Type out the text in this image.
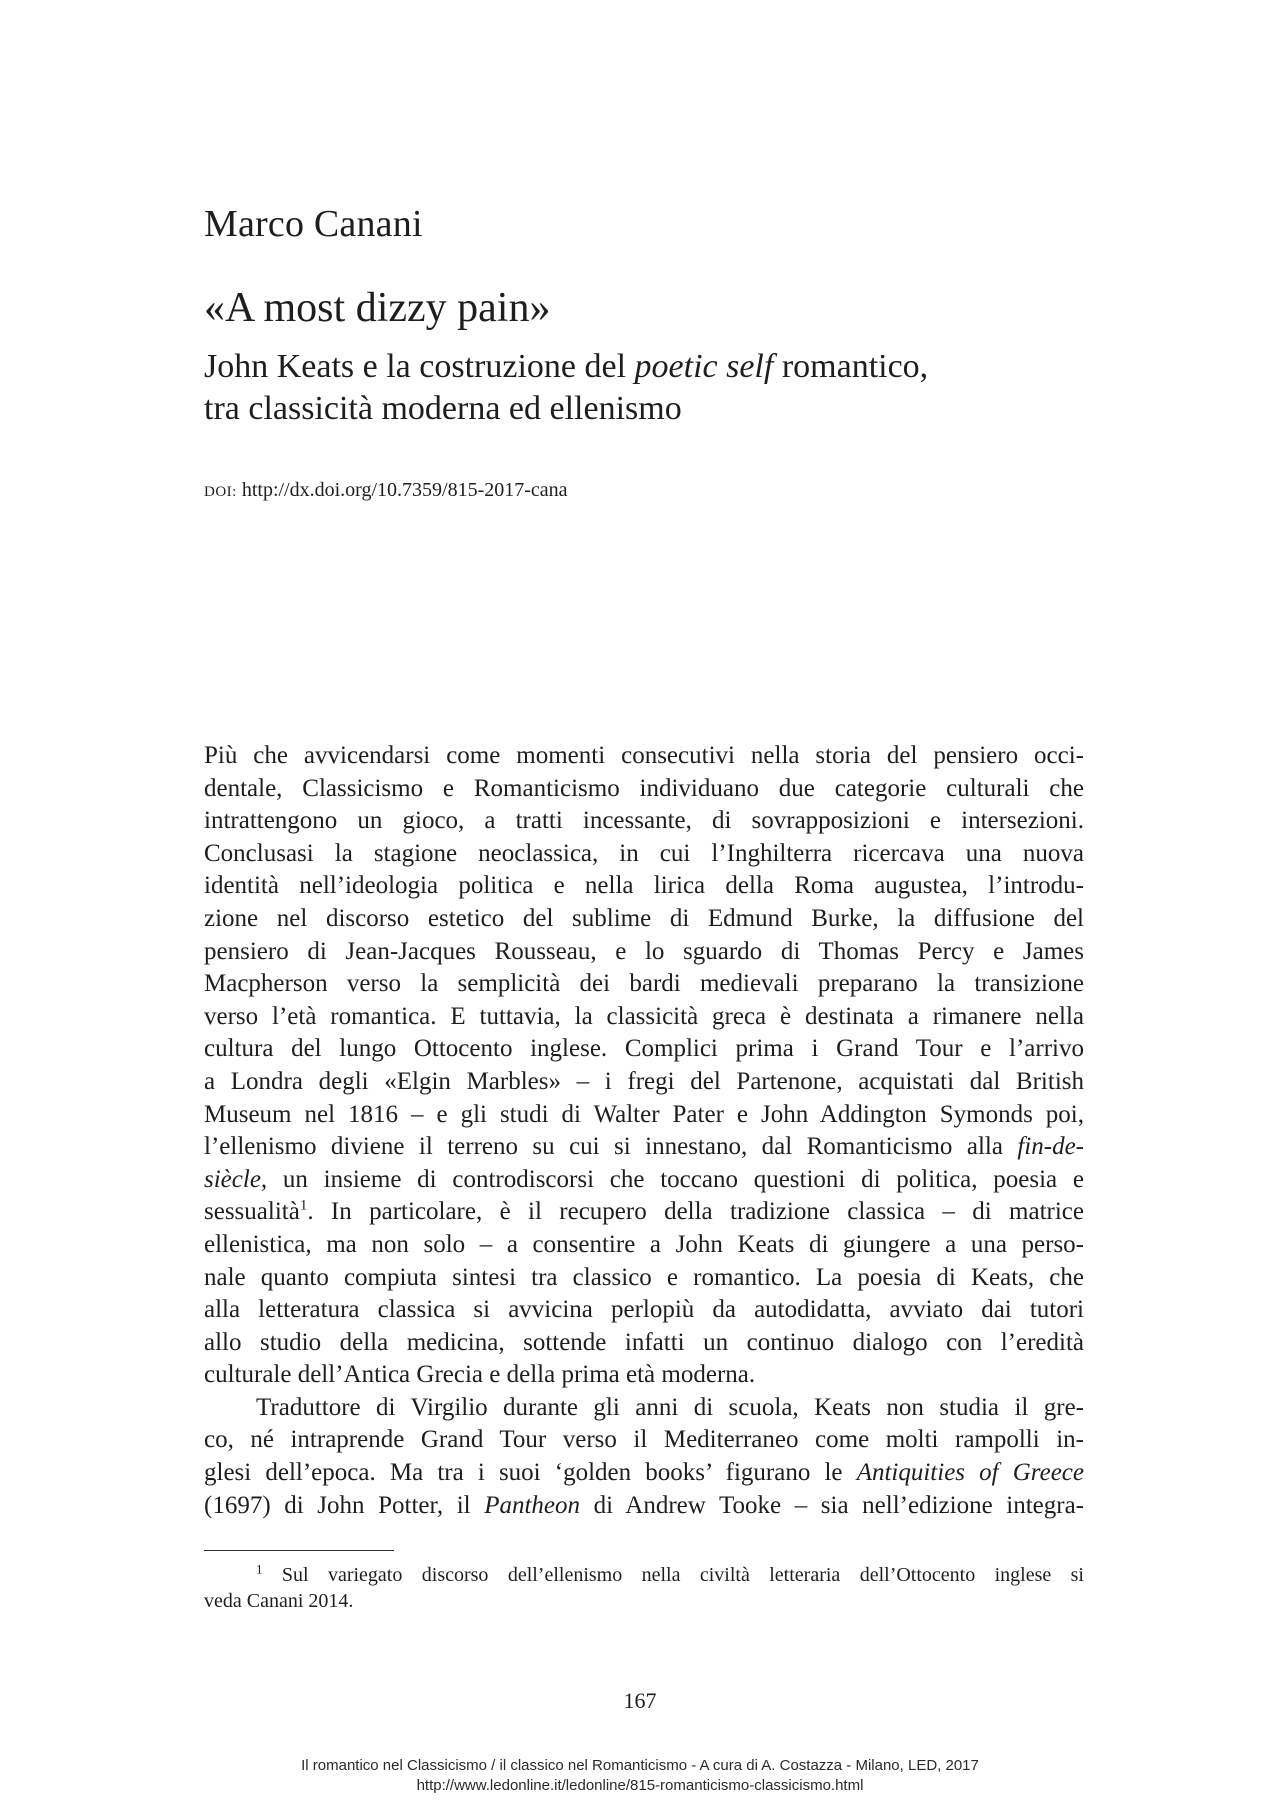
Marco Canani
«A most dizzy pain»
John Keats e la costruzione del poetic self romantico,
tra classicità moderna ed ellenismo
DOI: http://dx.doi.org/10.7359/815-2017-cana
Più che avvicendarsi come momenti consecutivi nella storia del pensiero occi-
dentale, Classicismo e Romanticismo individuano due categorie culturali che
intrattengono un gioco, a tratti incessante, di sovrapposizioni e intersezioni.
Conclusasi la stagione neoclassica, in cui l’Inghilterra ricercava una nuova
identità nell’ideologia politica e nella lirica della Roma augustea, l’introdu-
zione nel discorso estetico del sublime di Edmund Burke, la diffusione del
pensiero di Jean-Jacques Rousseau, e lo sguardo di Thomas Percy e James
Macpherson verso la semplicità dei bardi medievali preparano la transizione
verso l’età romantica. E tuttavia, la classicità greca è destinata a rimanere nella
cultura del lungo Ottocento inglese. Complici prima i Grand Tour e l’arrivo
a Londra degli «Elgin Marbles» – i fregi del Partenone, acquistati dal British
Museum nel 1816 – e gli studi di Walter Pater e John Addington Symonds poi,
l’ellenismo diviene il terreno su cui si innestano, dal Romanticismo alla fin-de-
siècle, un insieme di controdiscorsi che toccano questioni di politica, poesia e
sessualità$^1$. In particolare, è il recupero della tradizione classica – di matrice
ellenistica, ma non solo – a consentire a John Keats di giungere a una perso-
nale quanto compiuta sintesi tra classico e romantico. La poesia di Keats, che
alla letteratura classica si avvicina perlopiù da autodidatta, avviato dai tutori
allo studio della medicina, sottende infatti un continuo dialogo con l’eredità
culturale dell’Antica Grecia e della prima età moderna.
Traduttore di Virgilio durante gli anni di scuola, Keats non studia il gre-
co, né intraprende Grand Tour verso il Mediterraneo come molti rampolli in-
glesi dell’epoca. Ma tra i suoi ‘golden books’ figurano le Antiquities of Greece
(1697) di John Potter, il Pantheon di Andrew Tooke – sia nell’edizione integra-
$^1$ Sul variegato discorso dell’ellenismo nella civiltà letteraria dell’Ottocento inglese si
veda Canani 2014.
167
Il romantico nel Classicismo / il classico nel Romanticismo - A cura di A. Costazza - Milano, LED, 2017
http://www.ledonline.it/ledonline/815-romanticismo-classicismo.html
